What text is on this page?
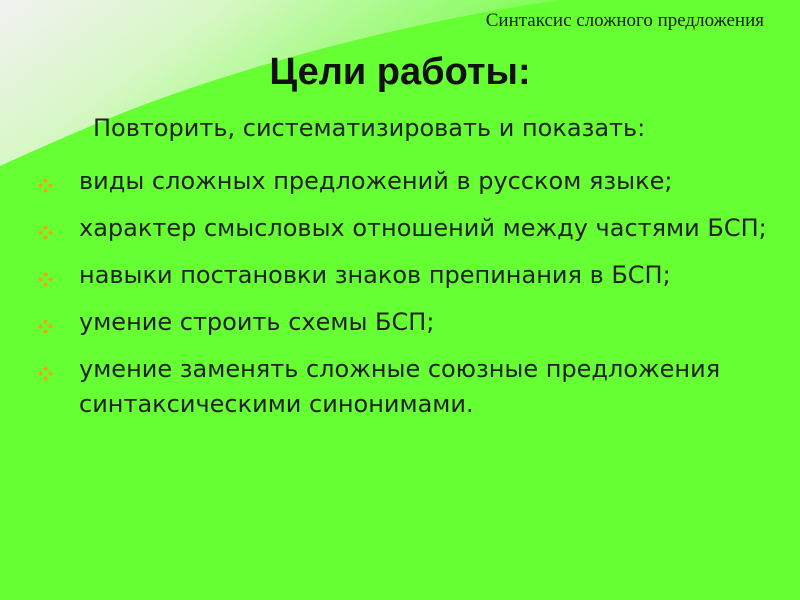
Синтаксис сложного предложения
Цели работы:
Повторить, систематизировать и показать:
виды сложных предложений в русском языке;
характер смысловых отношений между частями БСП;
навыки постановки знаков препинания в БСП;
умение строить схемы БСП;
умение заменять сложные союзные предложения синтаксическими синонимами.
